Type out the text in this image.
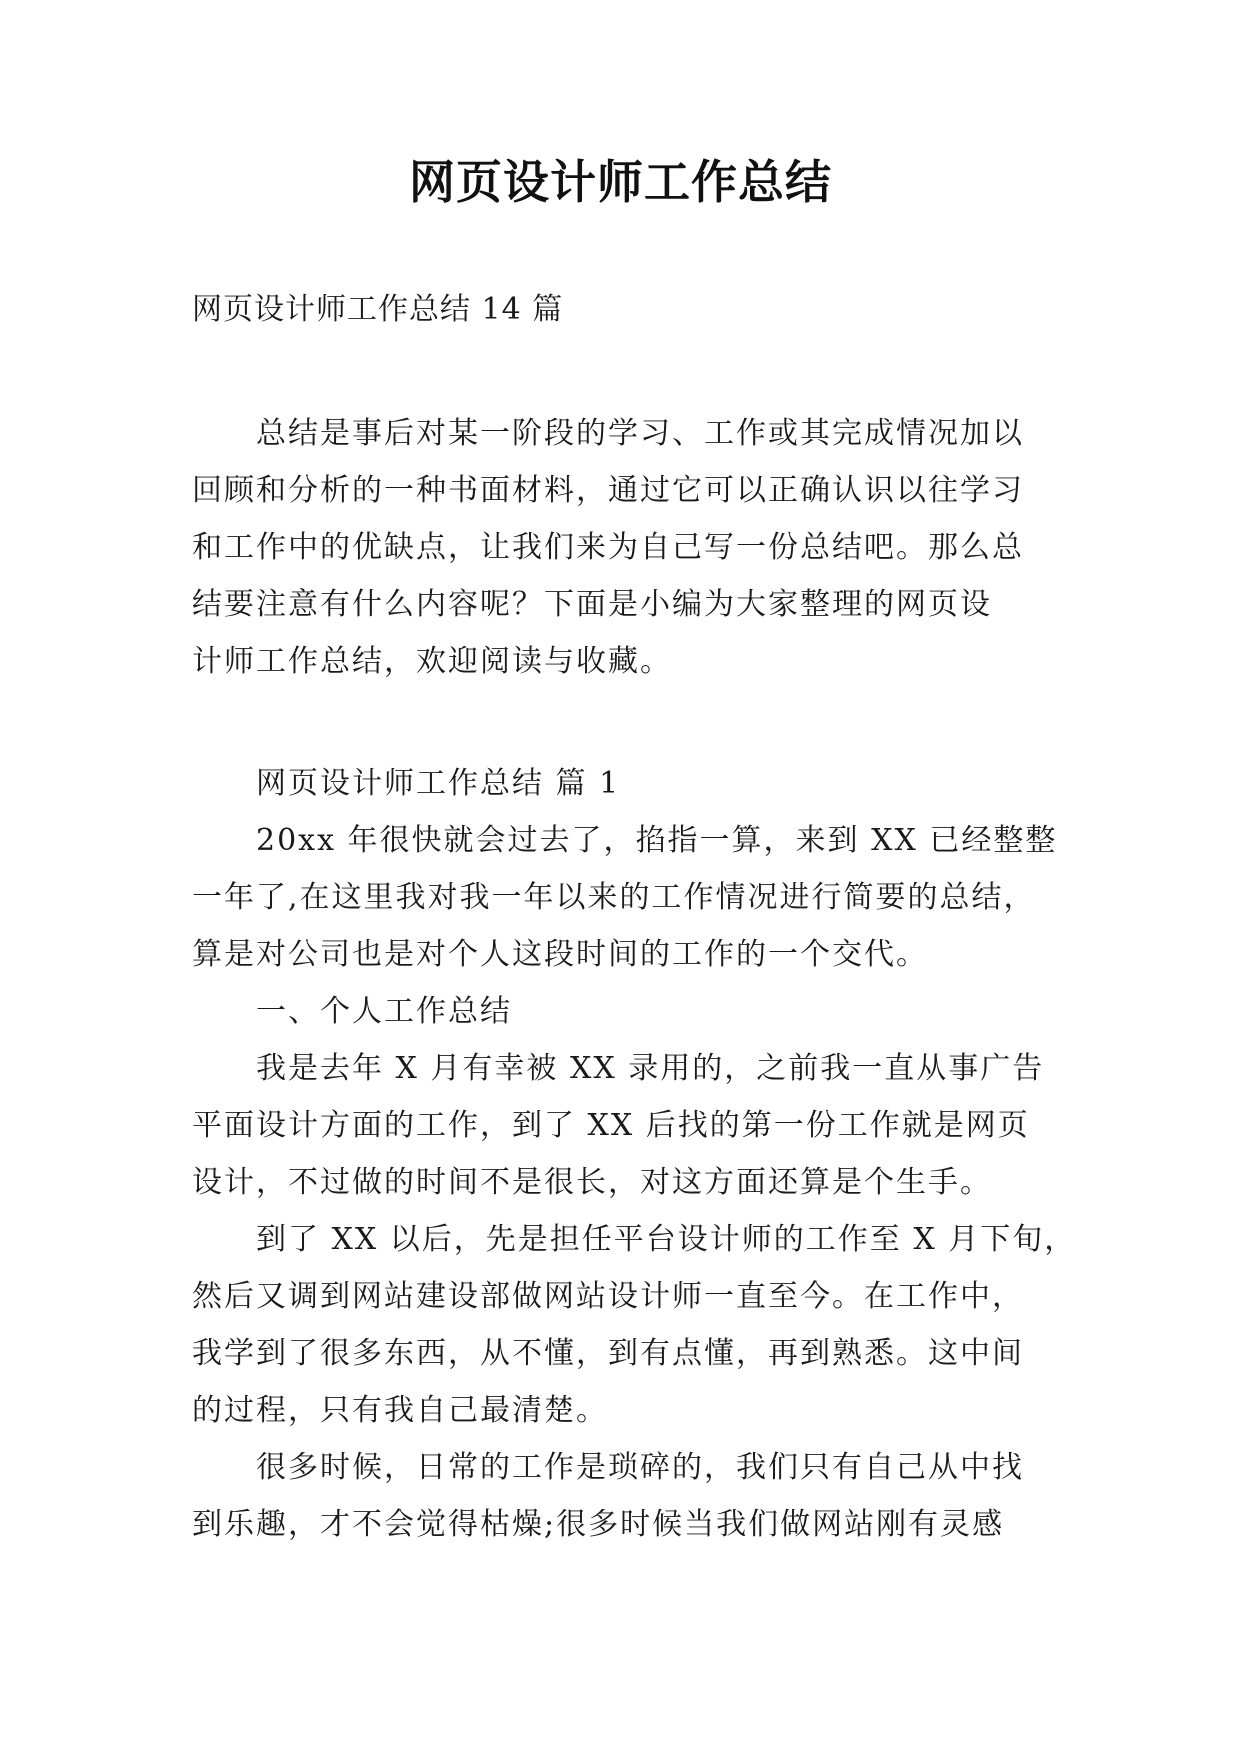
网页设计师工作总结
网页设计师工作总结 14 篇
总结是事后对某一阶段的学习、工作或其完成情况加以
回顾和分析的一种书面材料，通过它可以正确认识以往学习
和工作中的优缺点，让我们来为自己写一份总结吧。那么总
结要注意有什么内容呢？下面是小编为大家整理的网页设
计师工作总结，欢迎阅读与收藏。
网页设计师工作总结 篇 1
20xx 年很快就会过去了，掐指一算，来到 XX 已经整整
一年了,在这里我对我一年以来的工作情况进行简要的总结，
算是对公司也是对个人这段时间的工作的一个交代。
一、个人工作总结
我是去年 X 月有幸被 XX 录用的，之前我一直从事广告
平面设计方面的工作，到了 XX 后找的第一份工作就是网页
设计，不过做的时间不是很长，对这方面还算是个生手。
到了 XX 以后，先是担任平台设计师的工作至 X 月下旬，
然后又调到网站建设部做网站设计师一直至今。在工作中，
我学到了很多东西，从不懂，到有点懂，再到熟悉。这中间
的过程，只有我自己最清楚。
很多时候，日常的工作是琐碎的，我们只有自己从中找
到乐趣，才不会觉得枯燥;很多时候当我们做网站刚有灵感
